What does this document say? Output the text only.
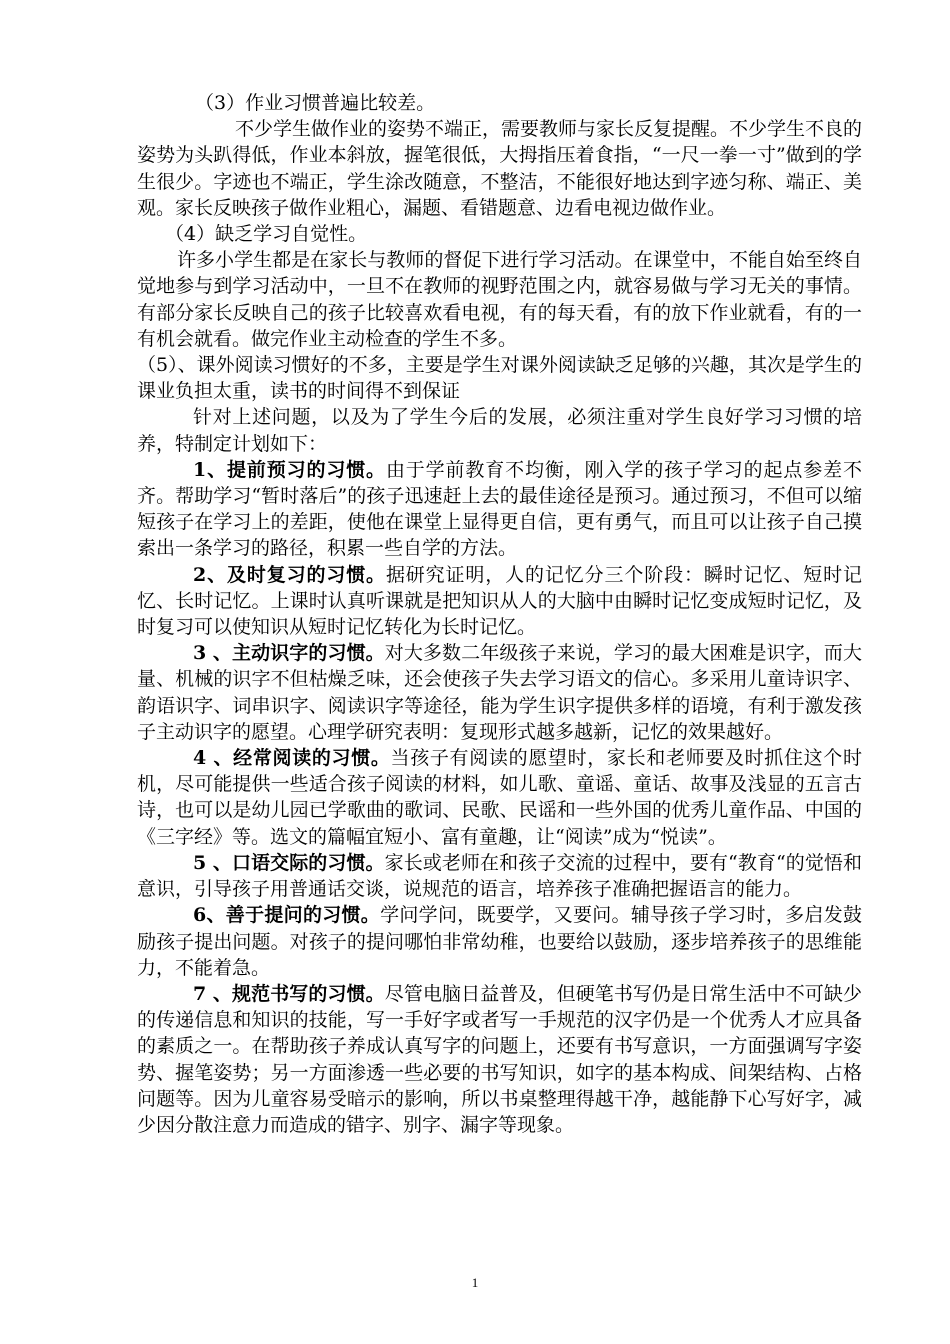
（3）作业习惯普遍比较差。

不少学生做作业的姿势不端正，需要教师与家长反复提醒。不少学生不良的姿势为头趴得低，作业本斜放，握笔很低，大拇指压着食指，“一尺一拳一寸”做到的学生很少。字迹也不端正，学生涂改随意，不整洁，不能很好地达到字迹匀称、端正、美观。家长反映孩子做作业粗心，漏题、看错题意、边看电视边做作业。

（4）缺乏学习自觉性。

许多小学生都是在家长与教师的督促下进行学习活动。在课堂中，不能自始至终自觉地参与到学习活动中，一旦不在教师的视野范围之内，就容易做与学习无关的事情。有部分家长反映自己的孩子比较喜欢看电视，有的每天看，有的放下作业就看，有的一有机会就看。做完作业主动检查的学生不多。

（5）、课外阅读习惯好的不多，主要是学生对课外阅读缺乏足够的兴趣，其次是学生的课业负担太重，读书的时间得不到保证

针对上述问题，以及为了学生今后的发展，必须注重对学生良好学习习惯的培养，特制定计划如下：

1、提前预习的习惯。由于学前教育不均衡，刚入学的孩子学习的起点参差不齐。帮助学习“暂时落后”的孩子迅速赶上去的最佳途径是预习。通过预习，不但可以缩短孩子在学习上的差距，使他在课堂上显得更自信，更有勇气，而且可以让孩子自己摸索出一条学习的路径，积累一些自学的方法。

2、及时复习的习惯。据研究证明，人的记忆分三个阶段：瞬时记忆、短时记忆、长时记忆。上课时认真听课就是把知识从人的大脑中由瞬时记忆变成短时记忆，及时复习可以使知识从短时记忆转化为长时记忆。

3 、主动识字的习惯。对大多数二年级孩子来说，学习的最大困难是识字，而大量、机械的识字不但枯燥乏味，还会使孩子失去学习语文的信心。多采用儿童诗识字、韵语识字、词串识字、阅读识字等途径，能为学生识字提供多样的语境，有利于激发孩子主动识字的愿望。心理学研究表明：复现形式越多越新，记忆的效果越好。

4 、经常阅读的习惯。当孩子有阅读的愿望时，家长和老师要及时抓住这个时机，尽可能提供一些适合孩子阅读的材料，如儿歌、童谣、童话、故事及浅显的五言古诗，也可以是幼儿园已学歌曲的歌词、民歌、民谣和一些外国的优秀儿童作品、中国的《三字经》等。选文的篇幅宜短小、富有童趣，让“阅读”成为“悦读”。

5 、口语交际的习惯。家长或老师在和孩子交流的过程中，要有“教育“的觉悟和意识，引导孩子用普通话交谈，说规范的语言，培养孩子准确把握语言的能力。

6、善于提问的习惯。学问学问，既要学，又要问。辅导孩子学习时，多启发鼓励孩子提出问题。对孩子的提问哪怕非常幼稚，也要给以鼓励，逐步培养孩子的思维能力，不能着急。

7 、规范书写的习惯。尽管电脑日益普及，但硬笔书写仍是日常生活中不可缺少的传递信息和知识的技能，写一手好字或者写一手规范的汉字仍是一个优秀人才应具备的素质之一。在帮助孩子养成认真写字的问题上，还要有书写意识，一方面强调写字姿势、握笔姿势；另一方面渗透一些必要的书写知识，如字的基本构成、间架结构、占格问题等。因为儿童容易受暗示的影响，所以书桌整理得越干净，越能静下心写好字，减少因分散注意力而造成的错字、别字、漏字等现象。

1
